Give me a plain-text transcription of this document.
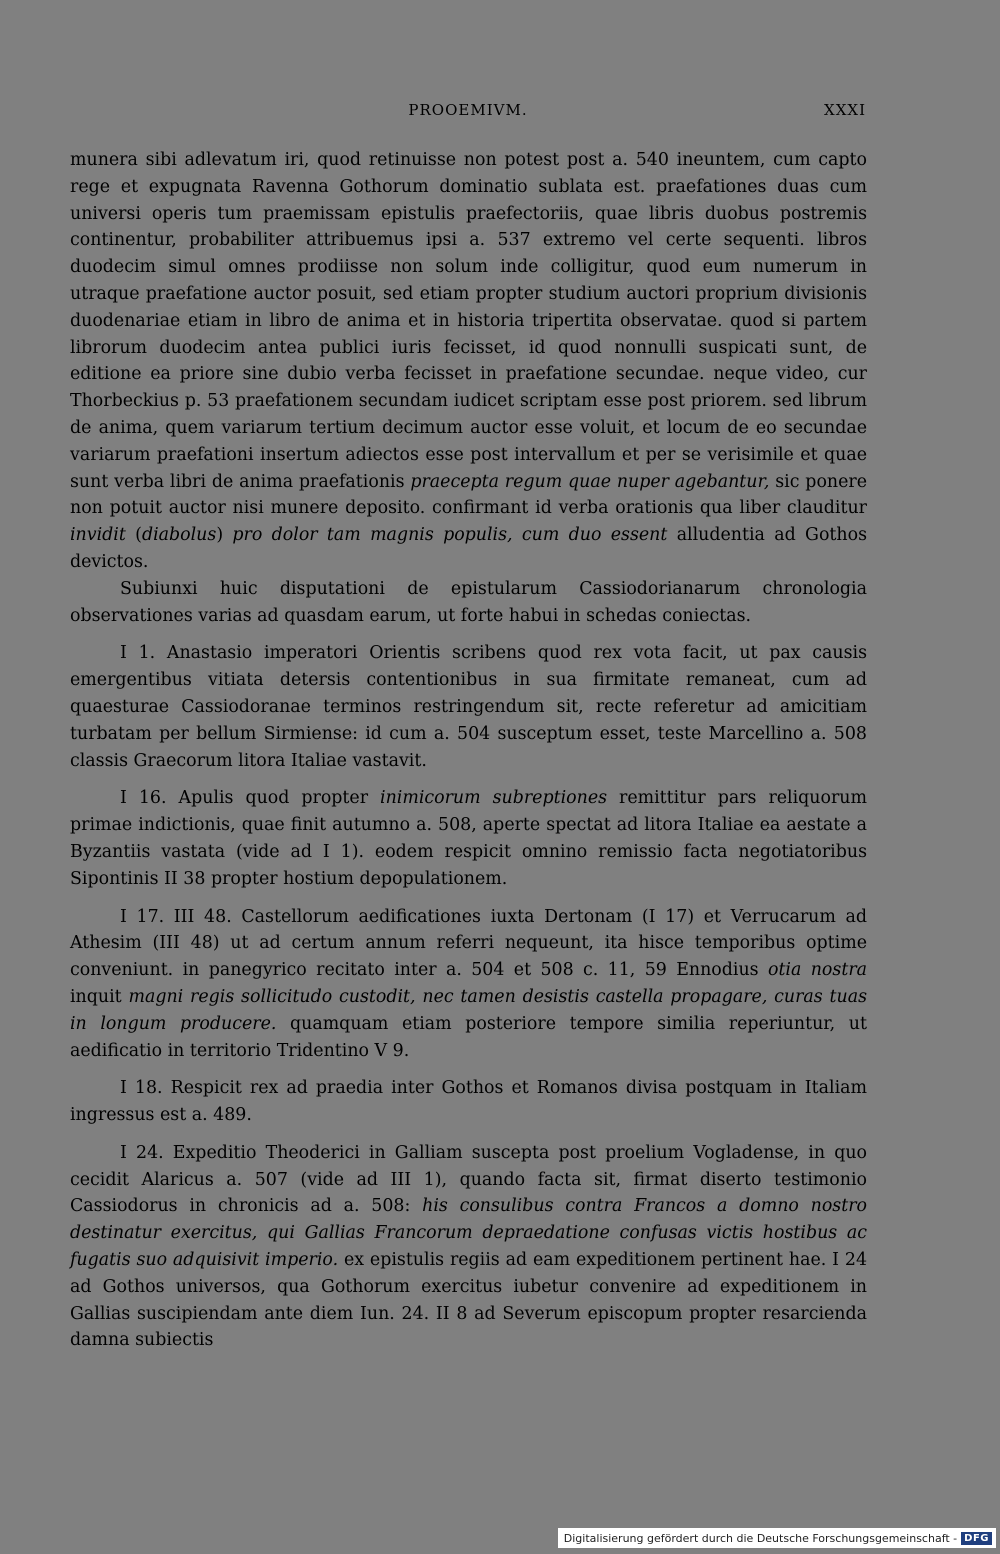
PROOEMIVM.	XXXI

munera sibi adlevatum iri, quod retinuisse non potest post a. 540 ineuntem, cum capto rege et expugnata Ravenna Gothorum dominatio sublata est. praefationes duas cum universi operis tum praemissam epistulis praefectoriis, quae libris duobus postremis continentur, probabiliter attribuemus ipsi a. 537 extremo vel certe sequenti. libros duodecim simul omnes prodiisse non solum inde colligitur, quod eum numerum in utraque praefatione auctor posuit, sed etiam propter studium auctori proprium divisionis duodenariae etiam in libro de anima et in historia tripertita observatae. quod si partem librorum duodecim antea publici iuris fecisset, id quod nonnulli suspicati sunt, de editione ea priore sine dubio verba fecisset in praefatione secundae. neque video, cur Thorbeckius p. 53 praefationem secundam iudicet scriptam esse post priorem. sed librum de anima, quem variarum tertium decimum auctor esse voluit, et locum de eo secundae variarum praefationi insertum adiectos esse post intervallum et per se verisimile et quae sunt verba libri de anima praefationis praecepta regum quae nuper agebantur, sic ponere non potuit auctor nisi munere deposito. confirmant id verba orationis qua liber clauditur invidit (diabolus) pro dolor tam magnis populis, cum duo essent alludentia ad Gothos devictos.

Subiunxi huic disputationi de epistularum Cassiodorianarum chronologia observationes varias ad quasdam earum, ut forte habui in schedas coniectas.

I 1. Anastasio imperatori Orientis scribens quod rex vota facit, ut pax causis emergentibus vitiata detersis contentionibus in sua firmitate remaneat, cum ad quaesturae Cassiodoranae terminos restringendum sit, recte referetur ad amicitiam turbatam per bellum Sirmiense: id cum a. 504 susceptum esset, teste Marcellino a. 508 classis Graecorum litora Italiae vastavit.

I 16. Apulis quod propter inimicorum subreptiones remittitur pars reliquorum primae indictionis, quae finit autumno a. 508, aperte spectat ad litora Italiae ea aestate a Byzantiis vastata (vide ad I 1). eodem respicit omnino remissio facta negotiatoribus Sipontinis II 38 propter hostium depopulationem.

I 17. III 48. Castellorum aedificationes iuxta Dertonam (I 17) et Verrucarum ad Athesim (III 48) ut ad certum annum referri nequeunt, ita hisce temporibus optime conveniunt. in panegyrico recitato inter a. 504 et 508 c. 11, 59 Ennodius otia nostra inquit magni regis sollicitudo custodit, nec tamen desistis castella propagare, curas tuas in longum producere. quamquam etiam posteriore tempore similia reperiuntur, ut aedificatio in territorio Tridentino V 9.

I 18. Respicit rex ad praedia inter Gothos et Romanos divisa postquam in Italiam ingressus est a. 489.

I 24. Expeditio Theoderici in Galliam suscepta post proelium Vogladense, in quo cecidit Alaricus a. 507 (vide ad III 1), quando facta sit, firmat diserto testimonio Cassiodorus in chronicis ad a. 508: his consulibus contra Francos a domno nostro destinatur exercitus, qui Gallias Francorum depraedatione confusas victis hostibus ac fugatis suo adquisivit imperio. ex epistulis regiis ad eam expeditionem pertinent hae. I 24 ad Gothos universos, qua Gothorum exercitus iubetur convenire ad expeditionem in Gallias suscipiendam ante diem Iun. 24. II 8 ad Severum episcopum propter resarcienda damna subiectis

Digitalisierung gefördert durch die Deutsche Forschungsgemeinschaft - DFG
